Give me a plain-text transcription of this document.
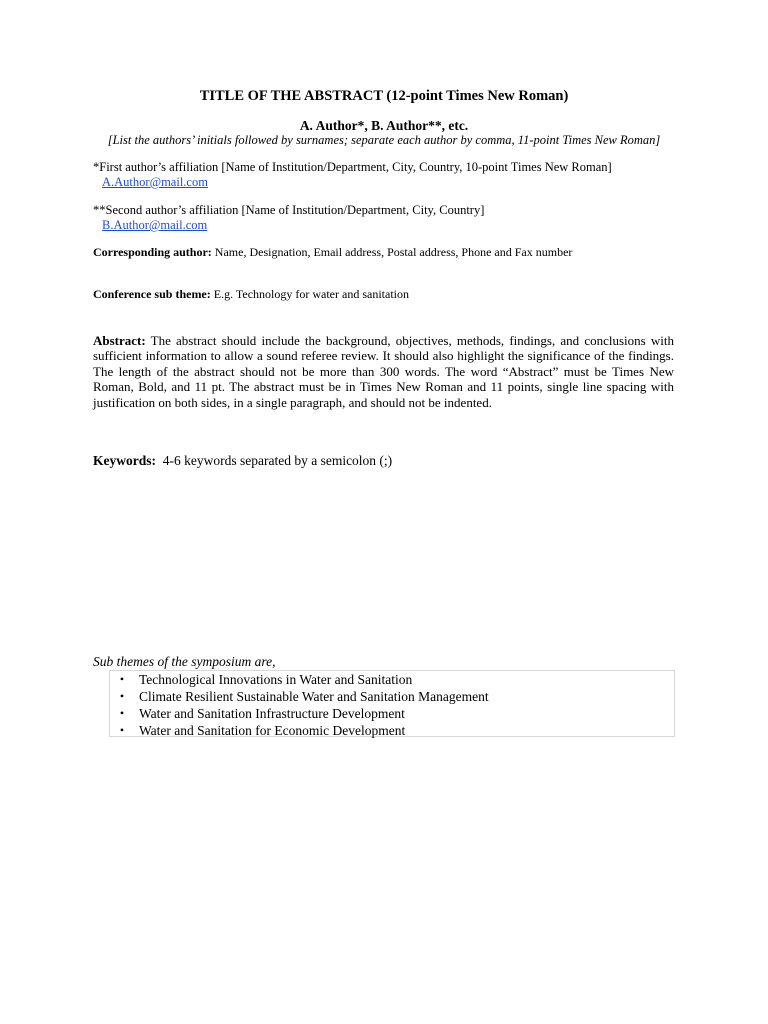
TITLE OF THE ABSTRACT (12-point Times New Roman)
A. Author*, B. Author**, etc.
[List the authors’ initials followed by surnames; separate each author by comma, 11-point Times New Roman]
*First author’s affiliation [Name of Institution/Department, City, Country, 10-point Times New Roman]
A.Author@mail.com
**Second author’s affiliation [Name of Institution/Department, City, Country]
B.Author@mail.com
Corresponding author: Name, Designation, Email address, Postal address, Phone and Fax number
Conference sub theme: E.g. Technology for water and sanitation
Abstract: The abstract should include the background, objectives, methods, findings, and conclusions with sufficient information to allow a sound referee review. It should also highlight the significance of the findings. The length of the abstract should not be more than 300 words. The word “Abstract” must be Times New Roman, Bold, and 11 pt. The abstract must be in Times New Roman and 11 points, single line spacing with justification on both sides, in a single paragraph, and should not be indented.
Keywords:  4-6 keywords separated by a semicolon (;)
Sub themes of the symposium are,
• Technological Innovations in Water and Sanitation
• Climate Resilient Sustainable Water and Sanitation Management
• Water and Sanitation Infrastructure Development
• Water and Sanitation for Economic Development
